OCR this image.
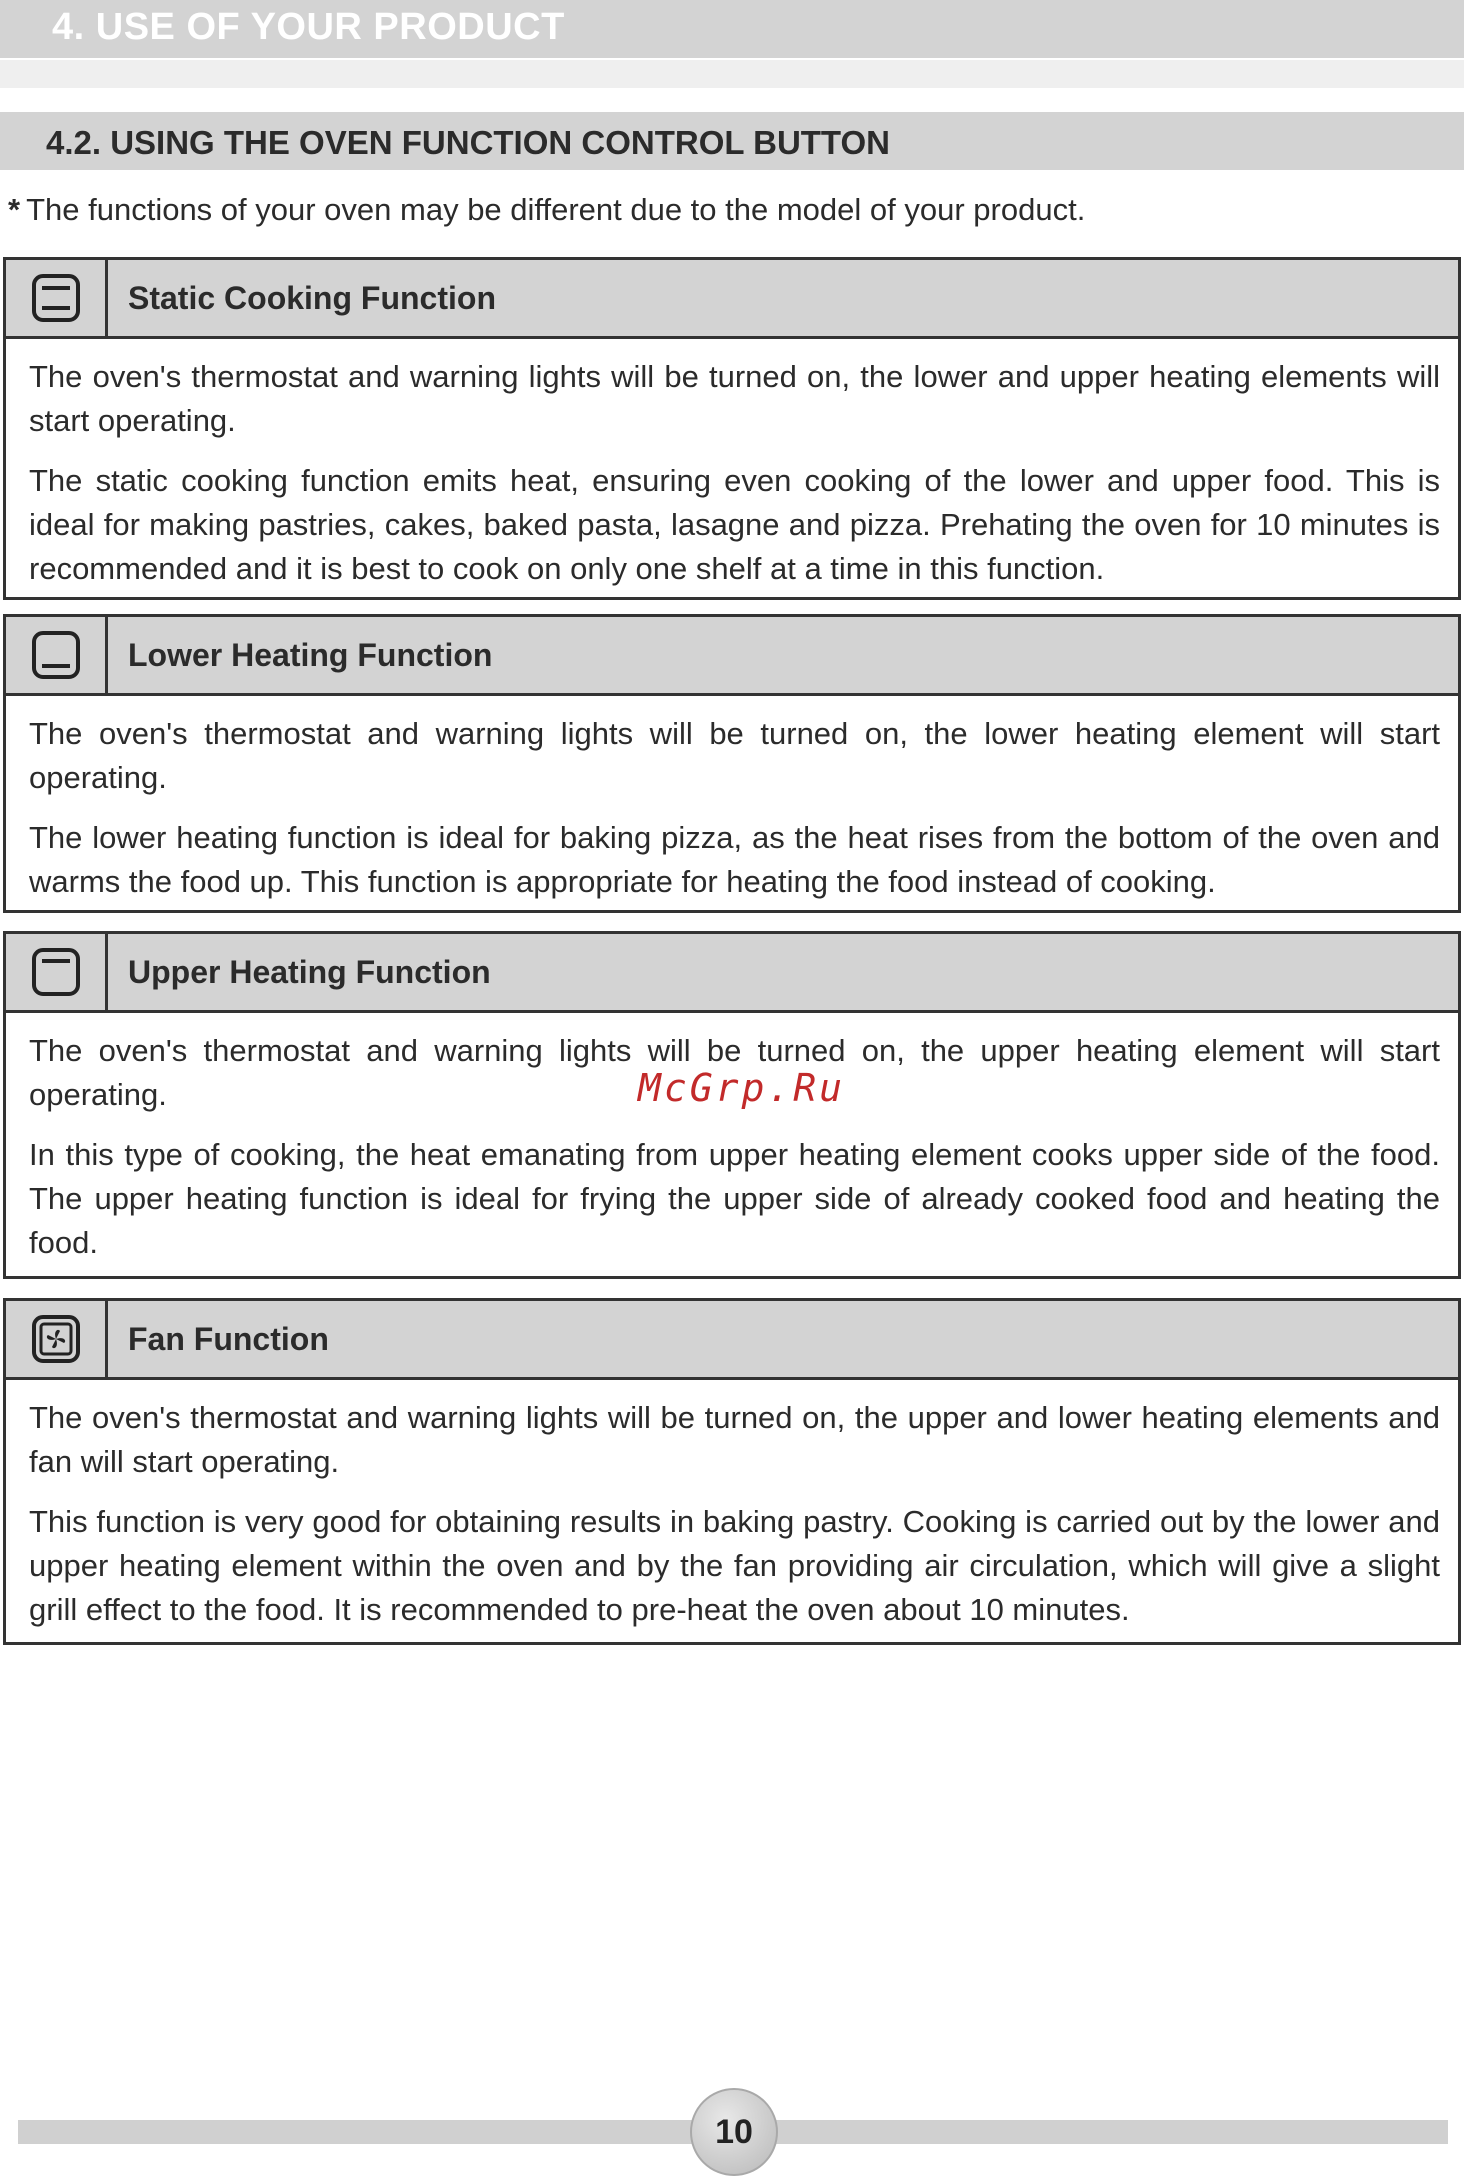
4. USE OF YOUR PRODUCT
4.2. USING THE OVEN FUNCTION CONTROL BUTTON
* The functions of your oven may be different due to the model of your product.
Static Cooking Function

The oven's thermostat and warning lights will be turned on, the lower and upper heating elements will start operating.

The static cooking function emits heat, ensuring even cooking of the lower and upper food. This is ideal for making pastries, cakes, baked pasta, lasagne and pizza. Prehating the oven for 10 minutes is recommended and it is best to cook on only one shelf at a time in this function.

Lower Heating Function

The oven's thermostat and warning lights will be turned on, the lower heating element will start operating.

The lower heating function is ideal for baking pizza, as the heat rises from the bottom of the oven and warms the food up. This function is appropriate for heating the food instead of cooking.

Upper Heating Function

The oven's thermostat and warning lights will be turned on, the upper heating element will start operating.

In this type of cooking, the heat emanating from upper heating element cooks upper side of the food. The upper heating function is ideal for frying the upper side of already cooked food and heating the food.

Fan Function

The oven's thermostat and warning lights will be turned on, the upper and lower heating elements and fan will start operating.

This function is very good for obtaining results in baking pastry. Cooking is carried out by the lower and upper heating element within the oven and by the fan providing air circulation, which will give a slight grill effect to the food. It is recommended to pre-heat the oven about 10 minutes.

McGrp.Ru
10
